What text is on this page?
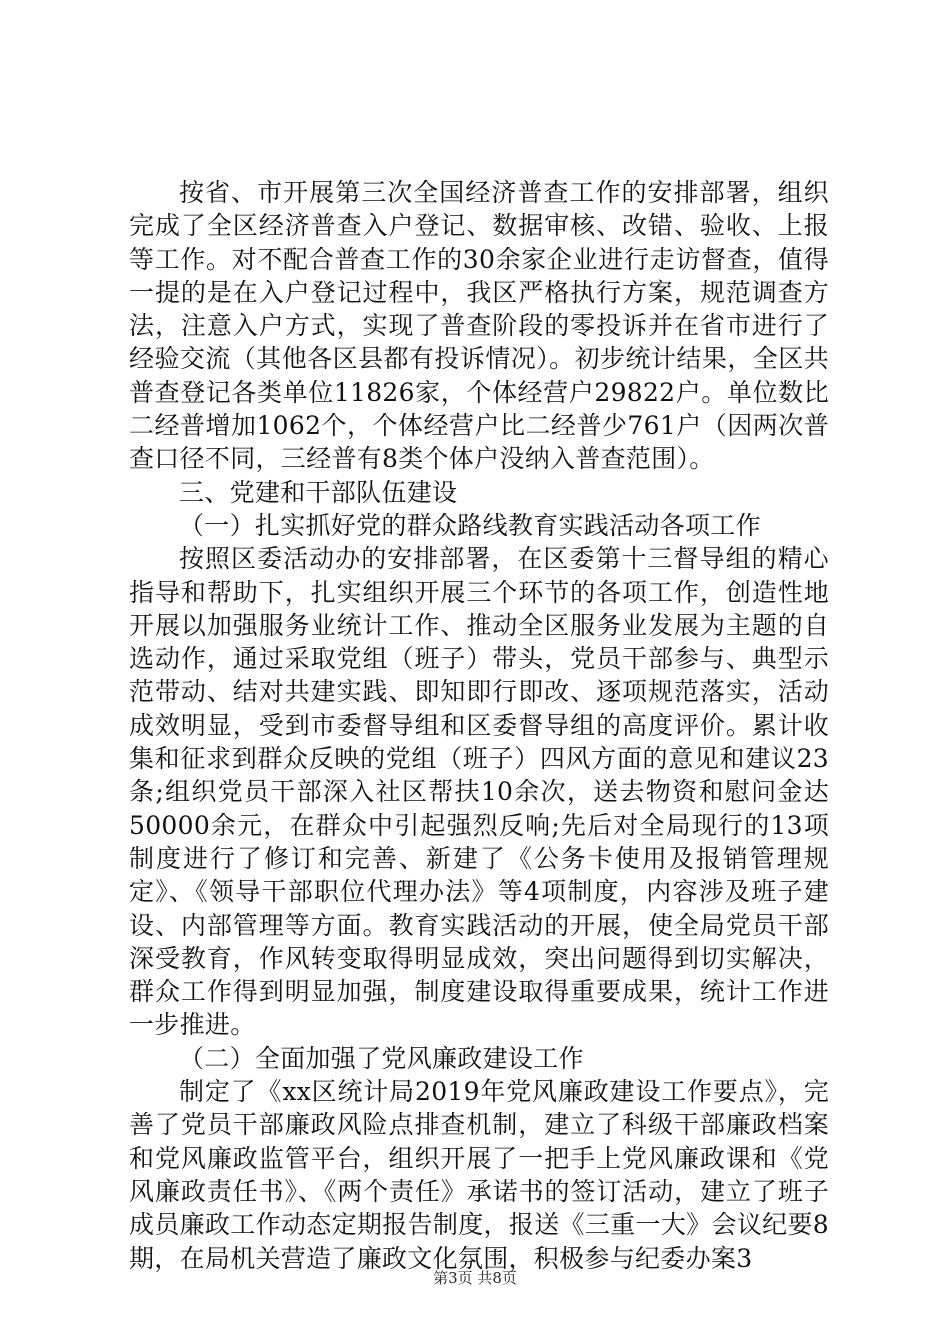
按省、市开展第三次全国经济普查工作的安排部署，组织完成了全区经济普查入户登记、数据审核、改错、验收、上报等工作。对不配合普查工作的30余家企业进行走访督查，值得一提的是在入户登记过程中，我区严格执行方案，规范调查方法，注意入户方式，实现了普查阶段的零投诉并在省市进行了经验交流（其他各区县都有投诉情况）。初步统计结果，全区共普查登记各类单位11826家，个体经营户29822户。单位数比二经普增加1062个，个体经营户比二经普少761户（因两次普查口径不同，三经普有8类个体户没纳入普查范围）。

三、党建和干部队伍建设

（一）扎实抓好党的群众路线教育实践活动各项工作

按照区委活动办的安排部署，在区委第十三督导组的精心指导和帮助下，扎实组织开展三个环节的各项工作，创造性地开展以加强服务业统计工作、推动全区服务业发展为主题的自选动作，通过采取党组（班子）带头，党员干部参与、典型示范带动、结对共建实践、即知即行即改、逐项规范落实，活动成效明显，受到市委督导组和区委督导组的高度评价。累计收集和征求到群众反映的党组（班子）四风方面的意见和建议23条;组织党员干部深入社区帮扶10余次，送去物资和慰问金达50000余元，在群众中引起强烈反响;先后对全局现行的13项制度进行了修订和完善、新建了《公务卡使用及报销管理规定》、《领导干部职位代理办法》等4项制度，内容涉及班子建设、内部管理等方面。教育实践活动的开展，使全局党员干部深受教育，作风转变取得明显成效，突出问题得到切实解决，群众工作得到明显加强，制度建设取得重要成果，统计工作进一步推进。

（二）全面加强了党风廉政建设工作

制定了《xx区统计局2019年党风廉政建设工作要点》，完善了党员干部廉政风险点排查机制，建立了科级干部廉政档案和党风廉政监管平台，组织开展了一把手上党风廉政课和《党风廉政责任书》、《两个责任》承诺书的签订活动，建立了班子成员廉政工作动态定期报告制度，报送《三重一大》会议纪要8期，在局机关营造了廉政文化氛围，积极参与纪委办案3

第3页 共8页
